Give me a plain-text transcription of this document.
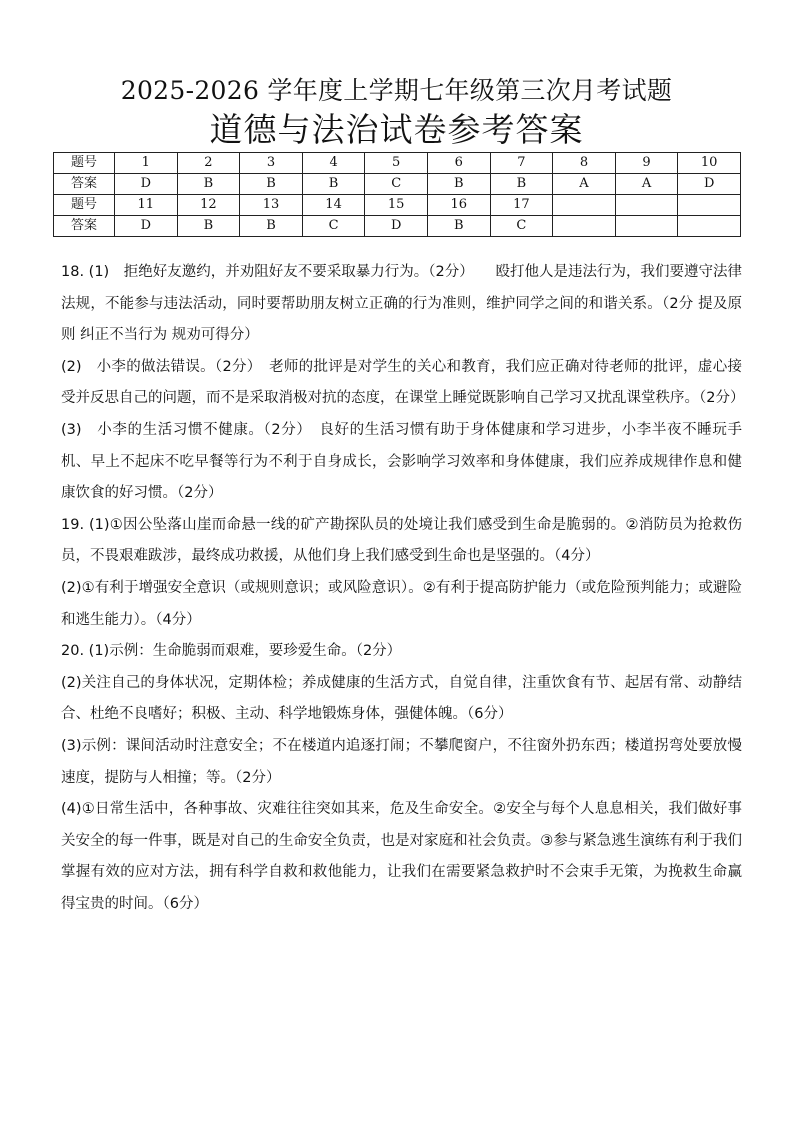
2025-2026 学年度上学期七年级第三次月考试题
道德与法治试卷参考答案
题号	1	2	3	4	5	6	7	8	9	10
答案	D	B	B	B	C	B	B	A	A	D
题号	11	12	13	14	15	16	17			
答案	D	B	B	C	D	B	C			

18. (1)　拒绝好友邀约，并劝阻好友不要采取暴力行为。（2分）　　殴打他人是违法行为，我们要遵守法律法规，不能参与违法活动，同时要帮助朋友树立正确的行为准则，维护同学之间的和谐关系。（2分 提及原则 纠正不当行为 规劝可得分）

(2)　小李的做法错误。（2分）　老师的批评是对学生的关心和教育，我们应正确对待老师的批评，虚心接受并反思自己的问题，而不是采取消极对抗的态度，在课堂上睡觉既影响自己学习又扰乱课堂秩序。（2分）

(3)　小李的生活习惯不健康。（2分）　良好的生活习惯有助于身体健康和学习进步，小李半夜不睡玩手机、早上不起床不吃早餐等行为不利于自身成长，会影响学习效率和身体健康，我们应养成规律作息和健康饮食的好习惯。（2分）

19. (1)①因公坠落山崖而命悬一线的矿产勘探队员的处境让我们感受到生命是脆弱的。②消防员为抢救伤员，不畏艰难跋涉，最终成功救援，从他们身上我们感受到生命也是坚强的。（4分）

(2)①有利于增强安全意识（或规则意识；或风险意识）。②有利于提高防护能力（或危险预判能力；或避险和逃生能力）。（4分）

20. (1)示例：生命脆弱而艰难，要珍爱生命。（2分）

(2)关注自己的身体状况，定期体检；养成健康的生活方式，自觉自律，注重饮食有节、起居有常、动静结合、杜绝不良嗜好；积极、主动、科学地锻炼身体，强健体魄。（6分）

(3)示例：课间活动时注意安全；不在楼道内追逐打闹；不攀爬窗户，不往窗外扔东西；楼道拐弯处要放慢速度，提防与人相撞；等。（2分）

(4)①日常生活中，各种事故、灾难往往突如其来，危及生命安全。②安全与每个人息息相关，我们做好事关安全的每一件事，既是对自己的生命安全负责，也是对家庭和社会负责。③参与紧急逃生演练有利于我们掌握有效的应对方法，拥有科学自救和救他能力，让我们在需要紧急救护时不会束手无策，为挽救生命赢得宝贵的时间。（6分）
